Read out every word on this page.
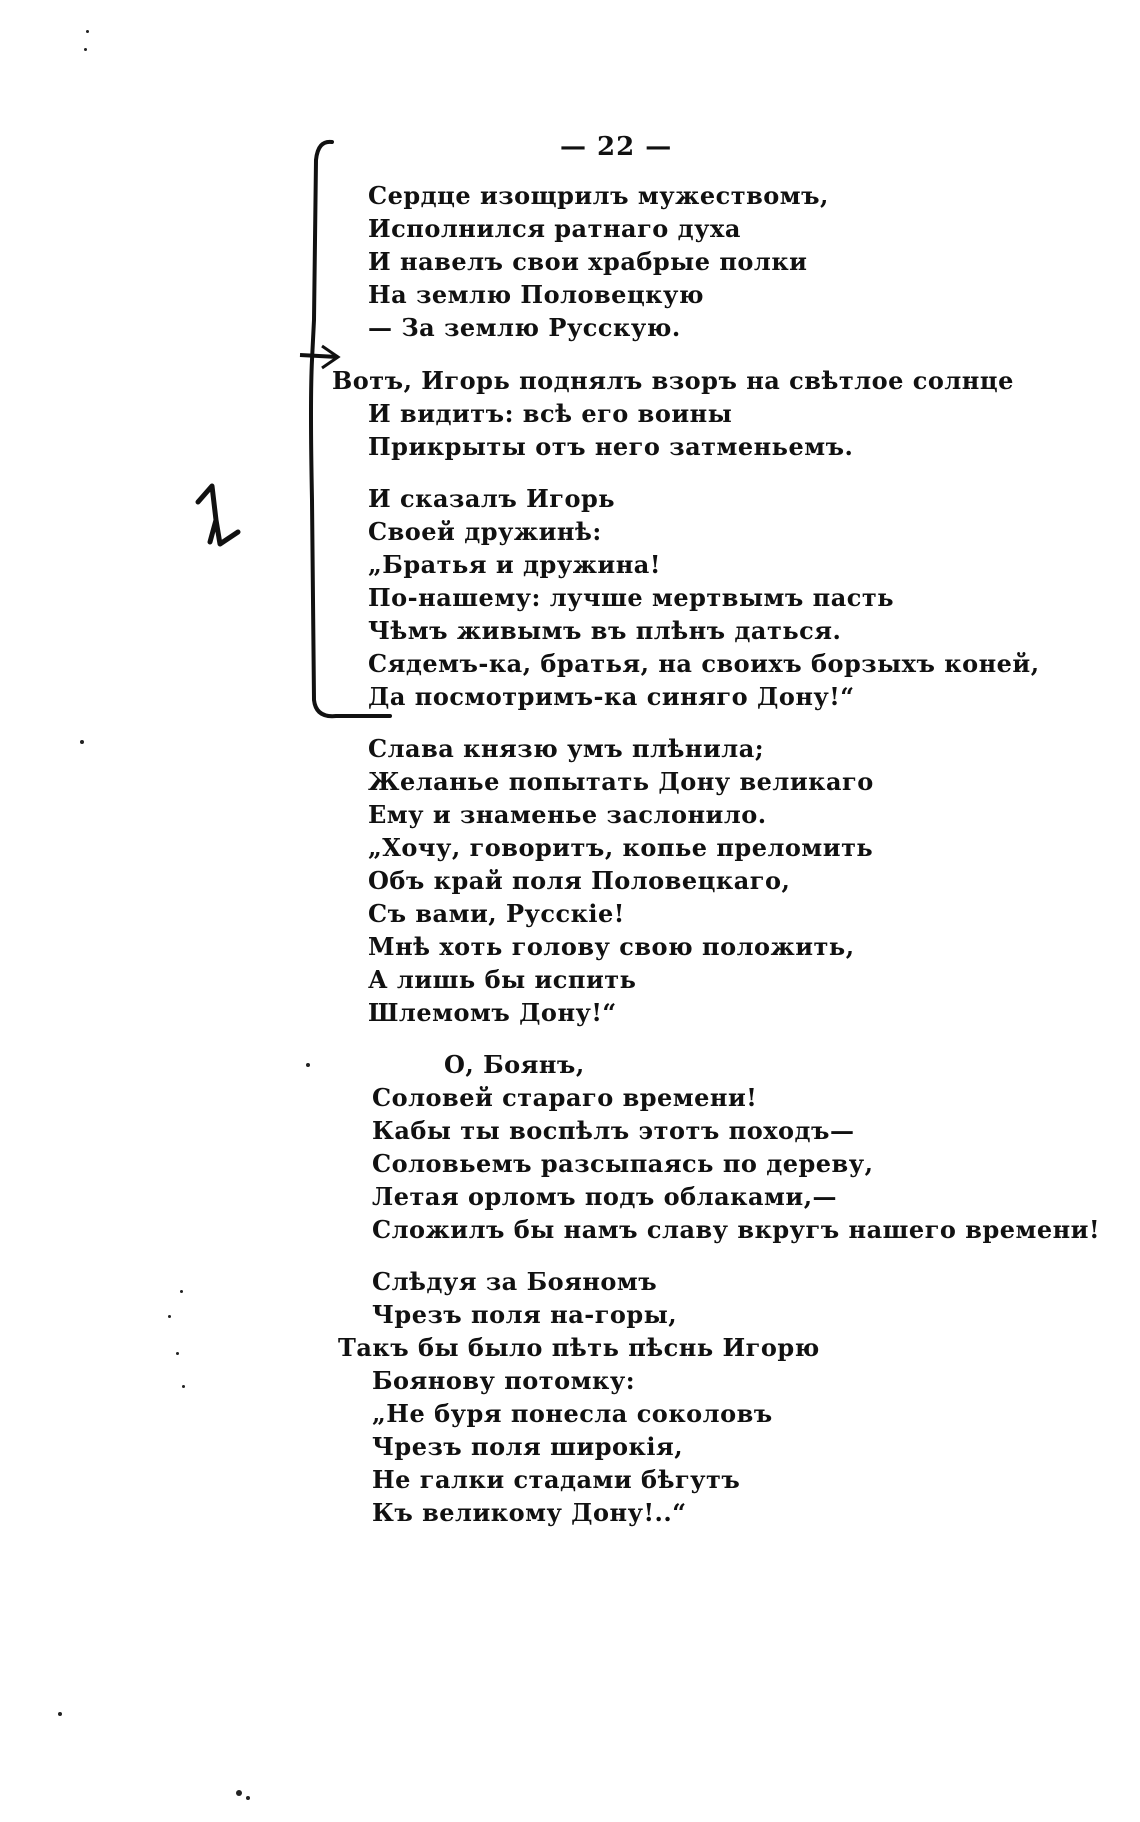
— 22 —
Сердце изощрилъ мужествомъ,
Исполнился ратнаго духа
И навелъ свои храбрые полки
На землю Половецкую
— За землю Русскую.
Вотъ, Игорь поднялъ взоръ на свѣтлое солнце
И видитъ: всѣ его воины
Прикрыты отъ него затменьемъ.
И сказалъ Игорь
Своей дружинѣ:
„Братья и дружина!
По-нашему: лучше мертвымъ пасть
Чѣмъ живымъ въ плѣнъ даться.
Сядемъ-ка, братья, на своихъ борзыхъ коней,
Да посмотримъ-ка синяго Дону!“
Слава князю умъ плѣнила;
Желанье попытать Дону великаго
Ему и знаменье заслонило.
„Хочу, говоритъ, копье преломить
Объ край поля Половецкаго,
Съ вами, Русскіе!
Мнѣ хоть голову свою положить,
А лишь бы испить
Шлемомъ Дону!“
О, Боянъ,
Соловей стараго времени!
Кабы ты воспѣлъ этотъ походъ—
Соловьемъ разсыпаясь по дереву,
Летая орломъ подъ облаками,—
Сложилъ бы намъ славу вкругъ нашего времени!
Слѣдуя за Бояномъ
Чрезъ поля на-горы,
Такъ бы было пѣть пѣснь Игорю
Боянову потомку:
„Не буря понесла соколовъ
Чрезъ поля широкія,
Не галки стадами бѣгутъ
Къ великому Дону!..“
